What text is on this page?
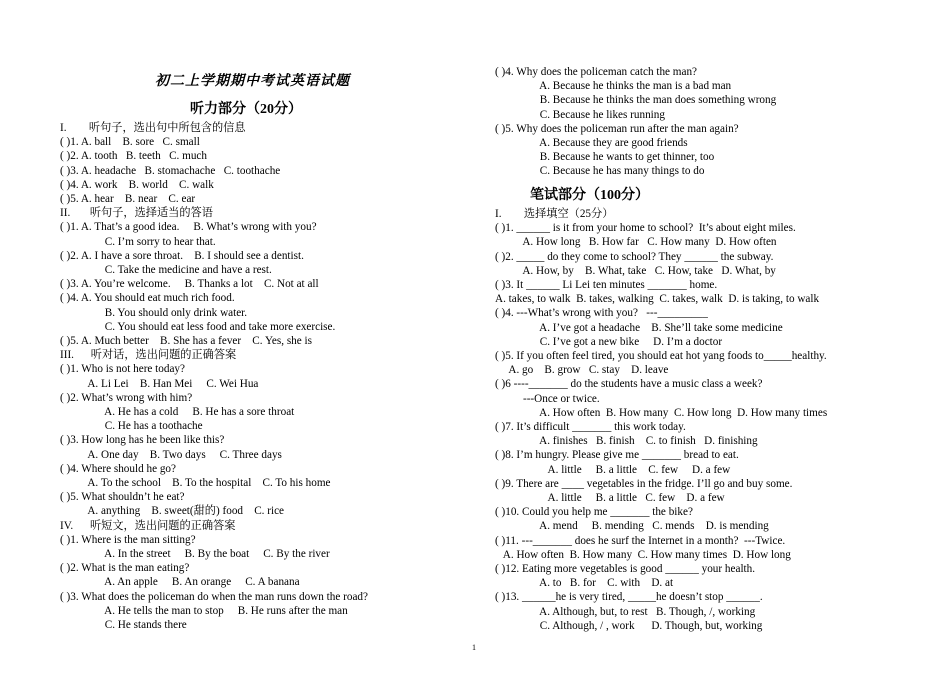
初二上学期期中考试英语试题
听力部分（20分）
I.        听句子，选出句中所包含的信息
( )1. A. ball    B. sore   C. small
( )2. A. tooth   B. teeth   C. much
( )3. A. headache   B. stomachache   C. toothache
( )4. A. work    B. world    C. walk
( )5. A. hear    B. near    C. ear
II.       听句子，选择适当的答语
( )1. A. That’s a good idea.     B. What’s wrong with you?
C. I’m sorry to hear that.
( )2. A. I have a sore throat.    B. I should see a dentist.
C. Take the medicine and have a rest.
( )3. A. You’re welcome.     B. Thanks a lot    C. Not at all
( )4. A. You should eat much rich food.
B. You should only drink water.
C. You should eat less food and take more exercise.
( )5. A. Much better    B. She has a fever    C. Yes, she is
III.      听对话，选出问题的正确答案
( )1. Who is not here today?
A. Li Lei    B. Han Mei     C. Wei Hua
( )2. What’s wrong with him?
A. He has a cold     B. He has a sore throat
C. He has a toothache
( )3. How long has he been like this?
A. One day    B. Two days     C. Three days
( )4. Where should he go?
A. To the school    B. To the hospital    C. To his home
( )5. What shouldn’t he eat?
A. anything    B. sweet(甜的) food    C. rice
IV.      听短文，选出问题的正确答案
( )1. Where is the man sitting?
A. In the street     B. By the boat     C. By the river
( )2. What is the man eating?
A. An apple     B. An orange     C. A banana
( )3. What does the policeman do when the man runs down the road?
A. He tells the man to stop     B. He runs after the man
C. He stands there
( )4. Why does the policeman catch the man?
A. Because he thinks the man is a bad man
B. Because he thinks the man does something wrong
C. Because he likes running
( )5. Why does the policeman run after the man again?
A. Because they are good friends
B. Because he wants to get thinner, too
C. Because he has many things to do
笔试部分（100分）
I.        选择填空（25分）
( )1. ______ is it from your home to school?  It’s about eight miles.
A. How long   B. How far   C. How many  D. How often
( )2. _____ do they come to school? They ______ the subway.
A. How, by    B. What, take   C. How, take   D. What, by
( )3. It ______ Li Lei ten minutes _______ home.
A. takes, to walk  B. takes, walking  C. takes, walk  D. is taking, to walk
( )4. ---What’s wrong with you?   ---_________
A. I’ve got a headache    B. She’ll take some medicine
C. I’ve got a new bike     D. I’m a doctor
( )5. If you often feel tired, you should eat hot yang foods to_____healthy.
A. go    B. grow   C. stay    D. leave
( )6 ----_______ do the students have a music class a week?
---Once or twice.
A. How often  B. How many  C. How long  D. How many times
( )7. It’s difficult _______ this work today.
A. finishes   B. finish    C. to finish   D. finishing
( )8. I’m hungry. Please give me _______ bread to eat.
A. little     B. a little    C. few     D. a few
( )9. There are ____ vegetables in the fridge. I’ll go and buy some.
A. little     B. a little   C. few    D. a few
( )10. Could you help me _______ the bike?
A. mend     B. mending   C. mends    D. is mending
( )11. ---_______ does he surf the Internet in a month?  ---Twice.
A. How often  B. How many  C. How many times  D. How long
( )12. Eating more vegetables is good ______ your health.
A. to   B. for    C. with    D. at
( )13. ______he is very tired, _____he doesn’t stop ______.
A. Although, but, to rest   B. Though, /, working
C. Although, / , work      D. Though, but, working
1
